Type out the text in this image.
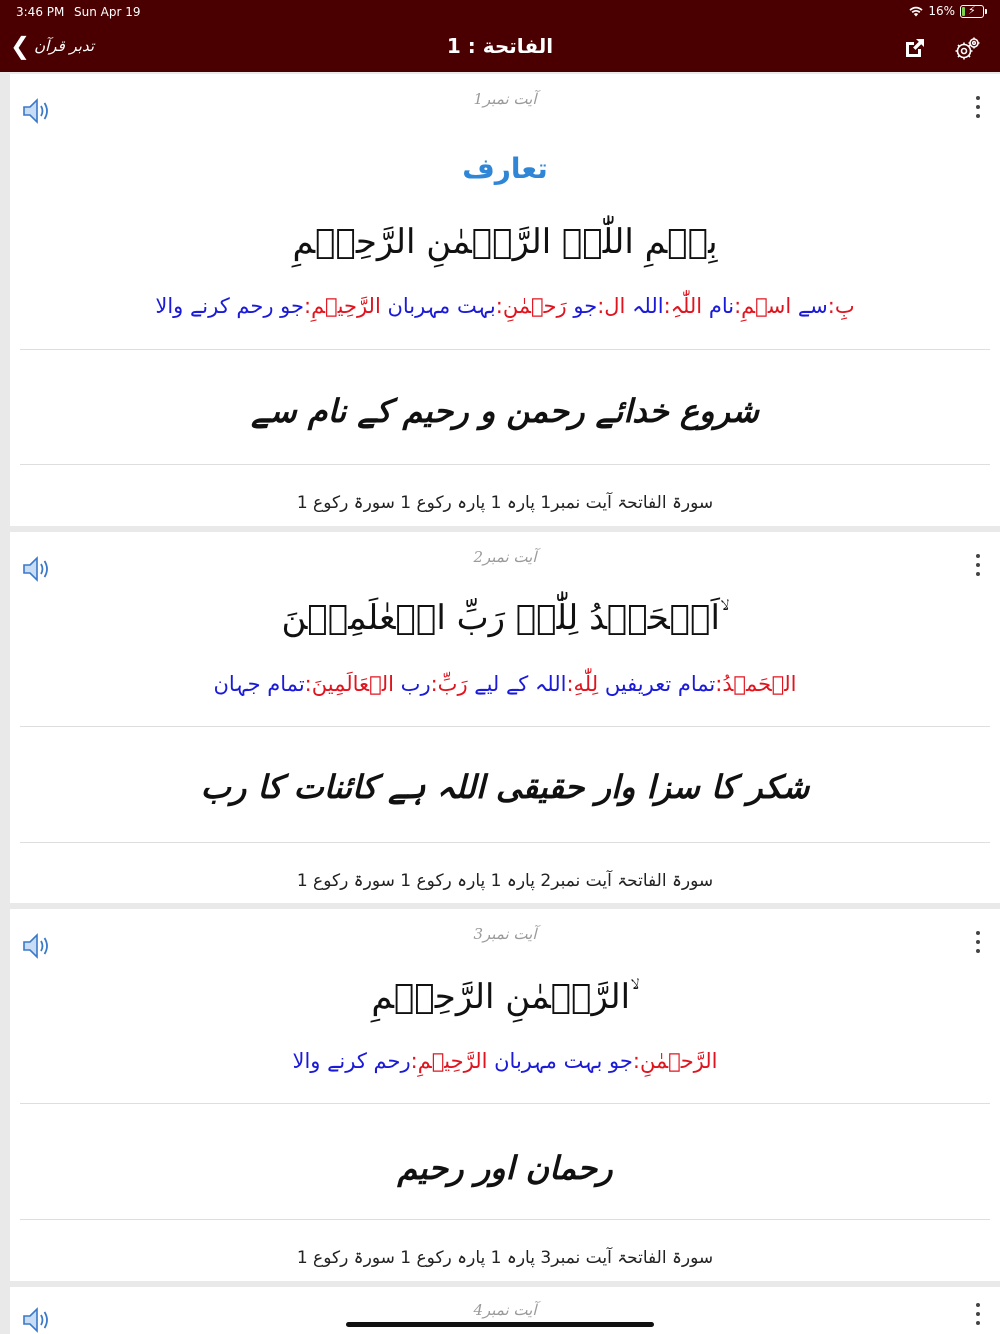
3:46 PM Sun Apr 19	16% ⚡
❮ تدبر قرآن	الفاتحة : 1
آیت نمبر1
تعارف
بِسۡمِ اللّٰہِ الرَّحۡمٰنِ الرَّحِیۡمِ
بِ:سے اسۡمِ:نام اللّٰہِ:اللہ ال:جو رَحۡمٰنِ:بہت مہربان الرَّحِیۡمِ:جو رحم کرنے والا
شروع خدائے رحمن و رحیم کے نام سے
سورۃ الفاتحۃ آیت نمبر1 پارہ 1 پارہ رکوع 1 سورۃ رکوع 1
آیت نمبر2
اَلۡحَمۡدُ لِلّٰہِ رَبِّ الۡعٰلَمِیۡنَ ۙ
الۡحَمۡدُ:تمام تعریفیں لِلّٰهِ:اللہ کے لیے رَبِّ:رب الۡعَالَمِينَ:تمام جہان
شکر کا سزا وار حقیقی اللہ ہے کائنات کا رب
سورۃ الفاتحۃ آیت نمبر2 پارہ 1 پارہ رکوع 1 سورۃ رکوع 1
آیت نمبر3
الرَّحۡمٰنِ الرَّحِیۡمِ ۙ
الرَّحۡمٰنِ:جو بہت مہربان الرَّحِیۡمِ:رحم کرنے والا
رحمان اور رحیم
سورۃ الفاتحۃ آیت نمبر3 پارہ 1 پارہ رکوع 1 سورۃ رکوع 1
آیت نمبر4
